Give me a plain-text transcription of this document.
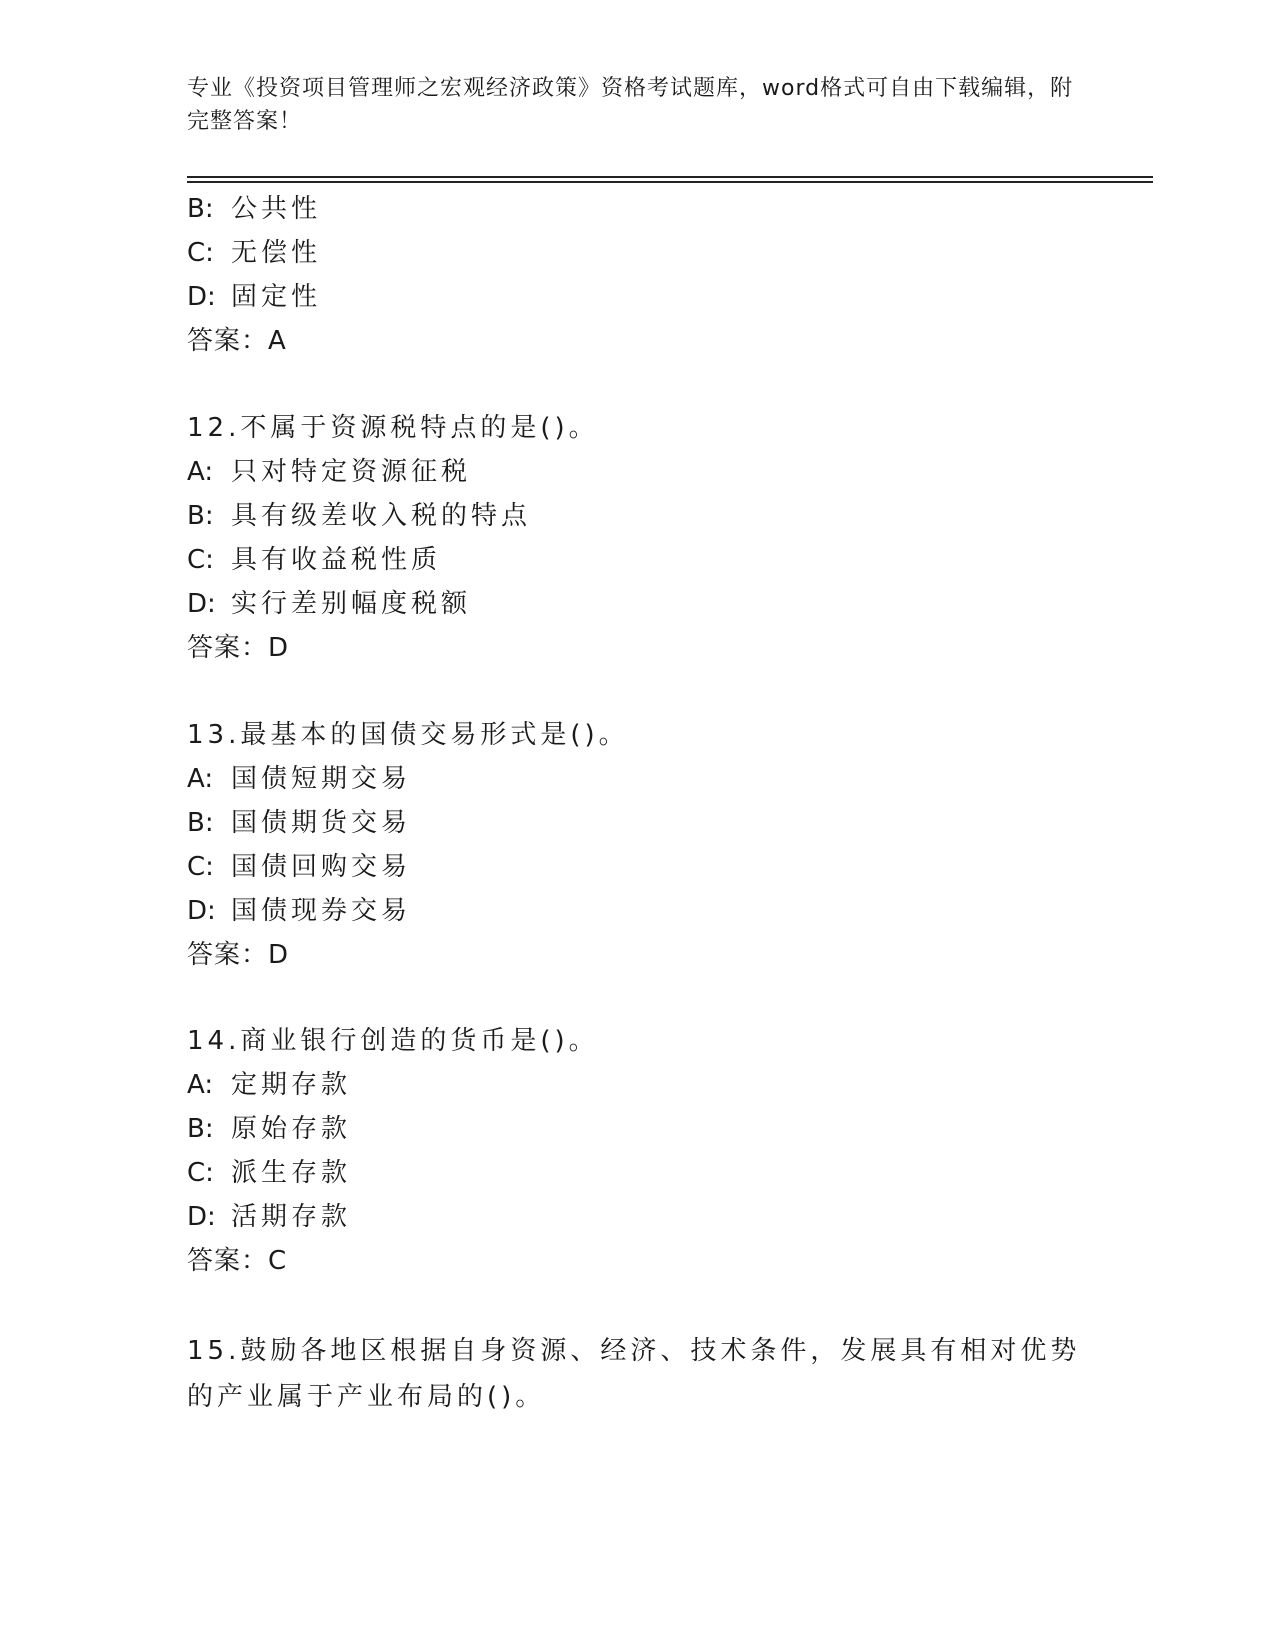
专业《投资项目管理师之宏观经济政策》资格考试题库，word格式可自由下载编辑，附完整答案！
B: 公共性
C: 无偿性
D: 固定性
答案：A
12.不属于资源税特点的是()。
A: 只对特定资源征税
B: 具有级差收入税的特点
C: 具有收益税性质
D: 实行差别幅度税额
答案：D
13.最基本的国债交易形式是()。
A: 国债短期交易
B: 国债期货交易
C: 国债回购交易
D: 国债现券交易
答案：D
14.商业银行创造的货币是()。
A: 定期存款
B: 原始存款
C: 派生存款
D: 活期存款
答案：C
15.鼓励各地区根据自身资源、经济、技术条件，发展具有相对优势的产业属于产业布局的()。
